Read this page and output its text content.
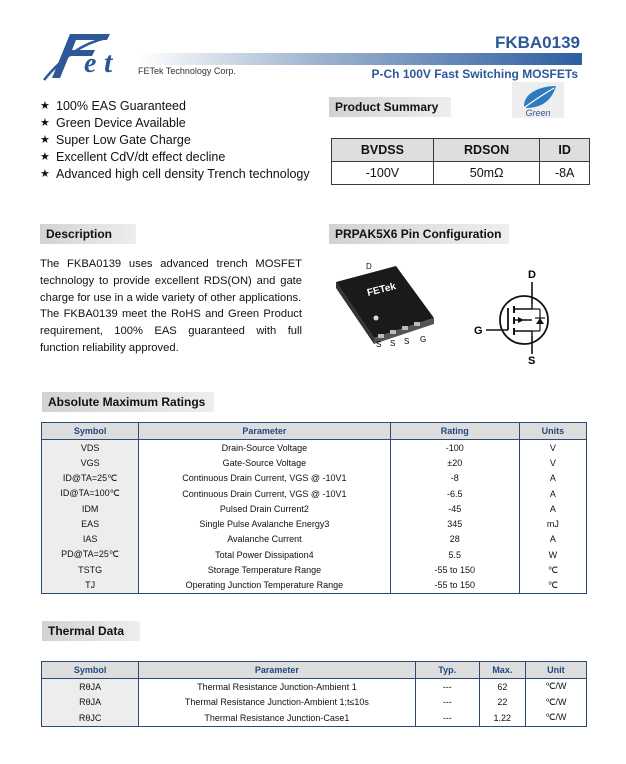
e t	FETek Technology Corp.
FKBA0139
P-Ch 100V Fast Switching MOSFETs
★ 100% EAS Guaranteed
★ Green Device Available
★ Super Low Gate Charge
★ Excellent CdV/dt effect decline
★ Advanced high cell density Trench technology
Product Summary	Green
BVDSS	RDSON	ID
-100V	50mΩ	-8A
Description

The FKBA0139 uses advanced trench MOSFET technology to provide excellent RDS(ON) and gate charge for use in a wide variety of other applications.

The FKBA0139 meet the RoHS and Green Product requirement, 100% EAS guaranteed with full function reliability approved.

PRPAK5X6 Pin Configuration
D
FETek
S S S G
D
G
S
Absolute Maximum Ratings
Symbol	Parameter	Rating	Units
VDS	Drain-Source Voltage	-100	V
VGS	Gate-Source Voltage	±20	V
ID@TA=25℃	Continuous Drain Current, VGS @ -10V1	-8	A
ID@TA=100℃	Continuous Drain Current, VGS @ -10V1	-6.5	A
IDM	Pulsed Drain Current2	-45	A
EAS	Single Pulse Avalanche Energy3	345	mJ
IAS	Avalanche Current	28	A
PD@TA=25℃	Total Power Dissipation4	5.5	W
TSTG	Storage Temperature Range	-55 to 150	℃
TJ	Operating Junction Temperature Range	-55 to 150	℃
Thermal Data
Symbol	Parameter	Typ.	Max.	Unit
RθJA	Thermal Resistance Junction-Ambient 1	---	62	℃/W
RθJA	Thermal Resistance Junction-Ambient 1;t≤10s	---	22	℃/W
RθJC	Thermal Resistance Junction-Case1	---	1.22	℃/W
